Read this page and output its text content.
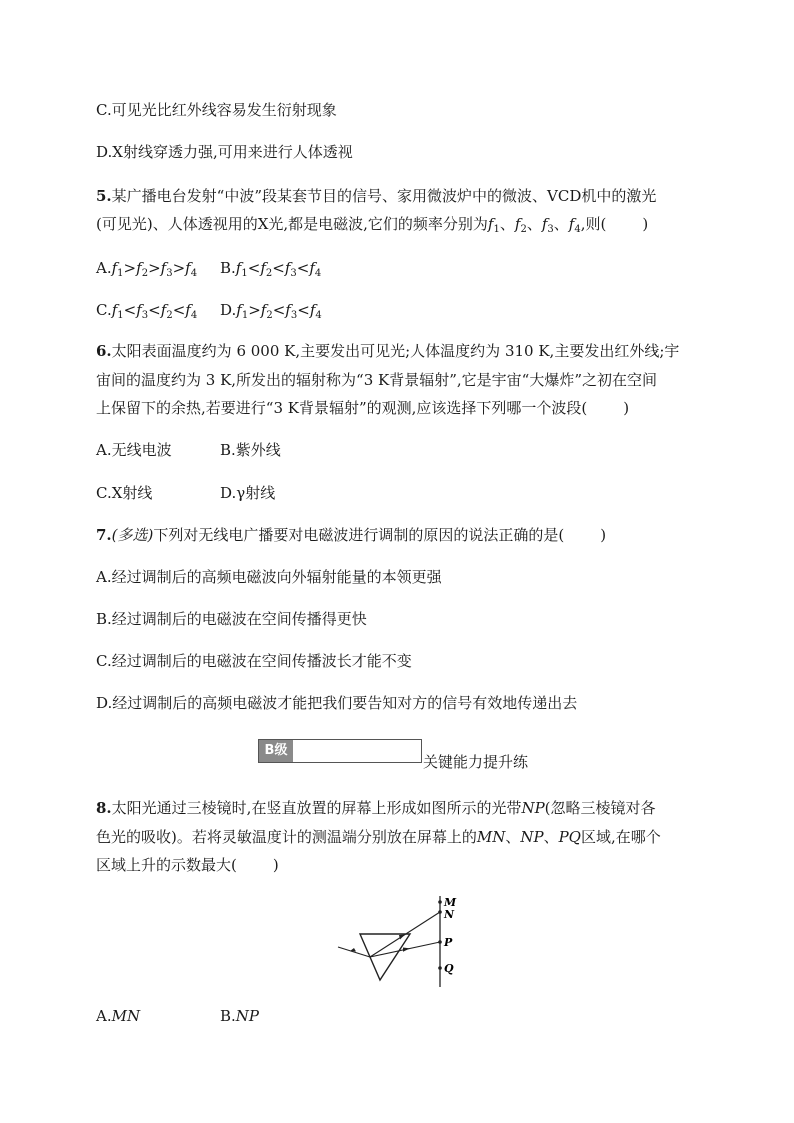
C.可见光比红外线容易发生衍射现象
D.X射线穿透力强,可用来进行人体透视
5.某广播电台发射“中波”段某套节目的信号、家用微波炉中的微波、VCD机中的激光
(可见光)、人体透视用的X光,都是电磁波,它们的频率分别为$f_1$、$f_2$、$f_3$、$f_4$,则( )
$A.f_1>f_2>f_3>f_4$ $B.f_1<f_2<f_3<f_4$
$C.f_1<f_3<f_2<f_4$ $D.f_1>f_2<f_3<f_4$
6.太阳表面温度约为 6 000 K,主要发出可见光;人体温度约为 310 K,主要发出红外线;宇
宙间的温度约为 3 K,所发出的辐射称为“3 K背景辐射”,它是宇宙“大爆炸”之初在空间
上保留下的余热,若要进行“3 K背景辐射”的观测,应该选择下列哪一个波段( )
A.无线电波	B.紫外线
C.X射线	D.γ射线
7.(多选)下列对无线电广播要对电磁波进行调制的原因的说法正确的是( )
A.经过调制后的高频电磁波向外辐射能量的本领更强
B.经过调制后的电磁波在空间传播得更快
C.经过调制后的电磁波在空间传播波长才能不变
D.经过调制后的高频电磁波才能把我们要告知对方的信号有效地传递出去
B级
关键能力提升练
8.太阳光通过三棱镜时,在竖直放置的屏幕上形成如图所示的光带NP(忽略三棱镜对各
色光的吸收)。若将灵敏温度计的测温端分别放在屏幕上的MN、NP、PQ区域,在哪个
区域上升的示数最大( )
M
N
P
Q
A.MN	B.NP
